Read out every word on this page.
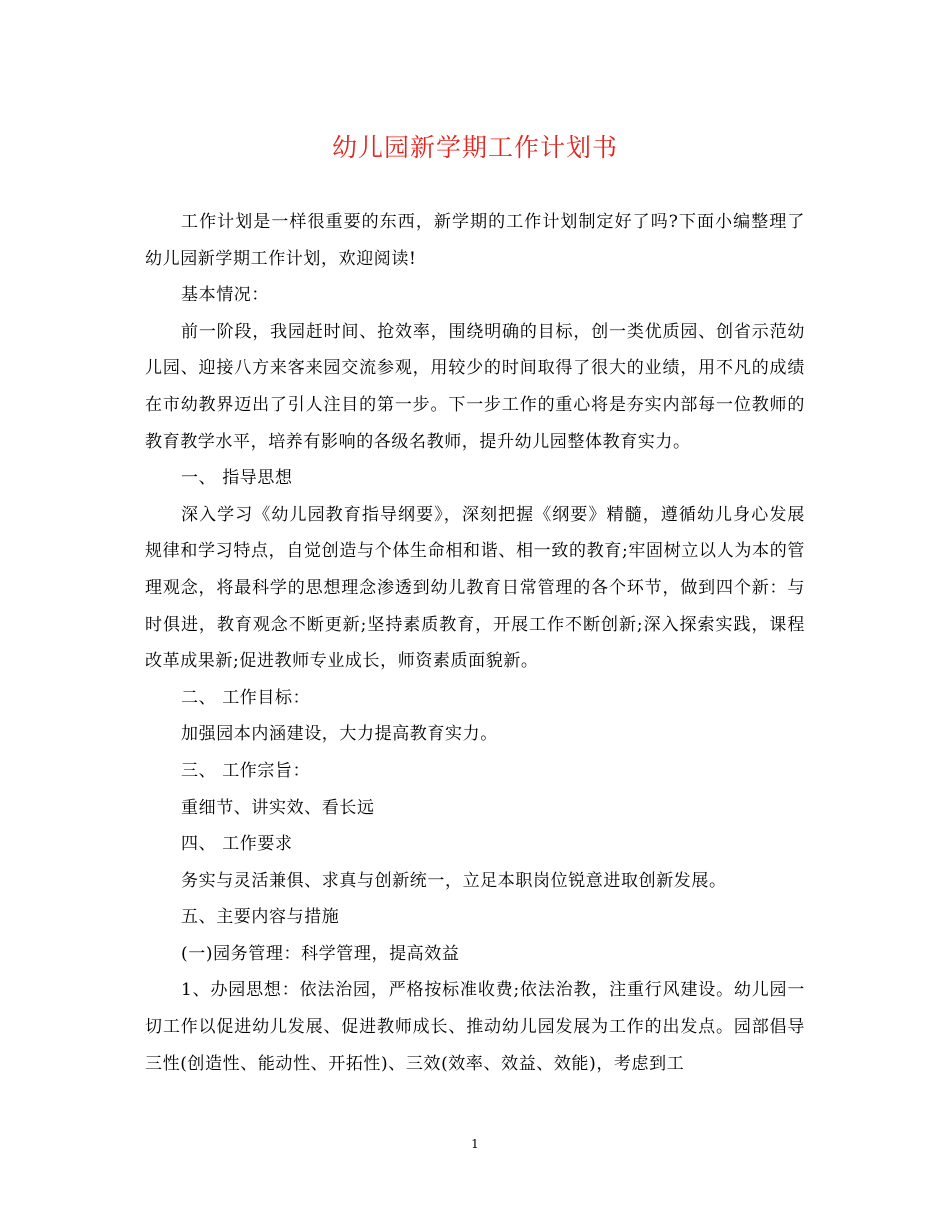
幼儿园新学期工作计划书

工作计划是一样很重要的东西，新学期的工作计划制定好了吗?下面小编整理了幼儿园新学期工作计划，欢迎阅读!

基本情况：

前一阶段，我园赶时间、抢效率，围绕明确的目标，创一类优质园、创省示范幼儿园、迎接八方来客来园交流参观，用较少的时间取得了很大的业绩，用不凡的成绩在市幼教界迈出了引人注目的第一步。下一步工作的重心将是夯实内部每一位教师的教育教学水平，培养有影响的各级名教师，提升幼儿园整体教育实力。

一、 指导思想

深入学习《幼儿园教育指导纲要》，深刻把握《纲要》精髓，遵循幼儿身心发展规律和学习特点，自觉创造与个体生命相和谐、相一致的教育;牢固树立以人为本的管理观念，将最科学的思想理念渗透到幼儿教育日常管理的各个环节，做到四个新：与时俱进，教育观念不断更新;坚持素质教育，开展工作不断创新;深入探索实践，课程改革成果新;促进教师专业成长，师资素质面貌新。

二、 工作目标：

加强园本内涵建设，大力提高教育实力。

三、 工作宗旨：

重细节、讲实效、看长远

四、 工作要求

务实与灵活兼俱、求真与创新统一，立足本职岗位锐意进取创新发展。

五、主要内容与措施

(一)园务管理：科学管理，提高效益

1、办园思想：依法治园，严格按标准收费;依法治教，注重行风建设。幼儿园一切工作以促进幼儿发展、促进教师成长、推动幼儿园发展为工作的出发点。园部倡导三性(创造性、能动性、开拓性)、三效(效率、效益、效能)，考虑到工

1
